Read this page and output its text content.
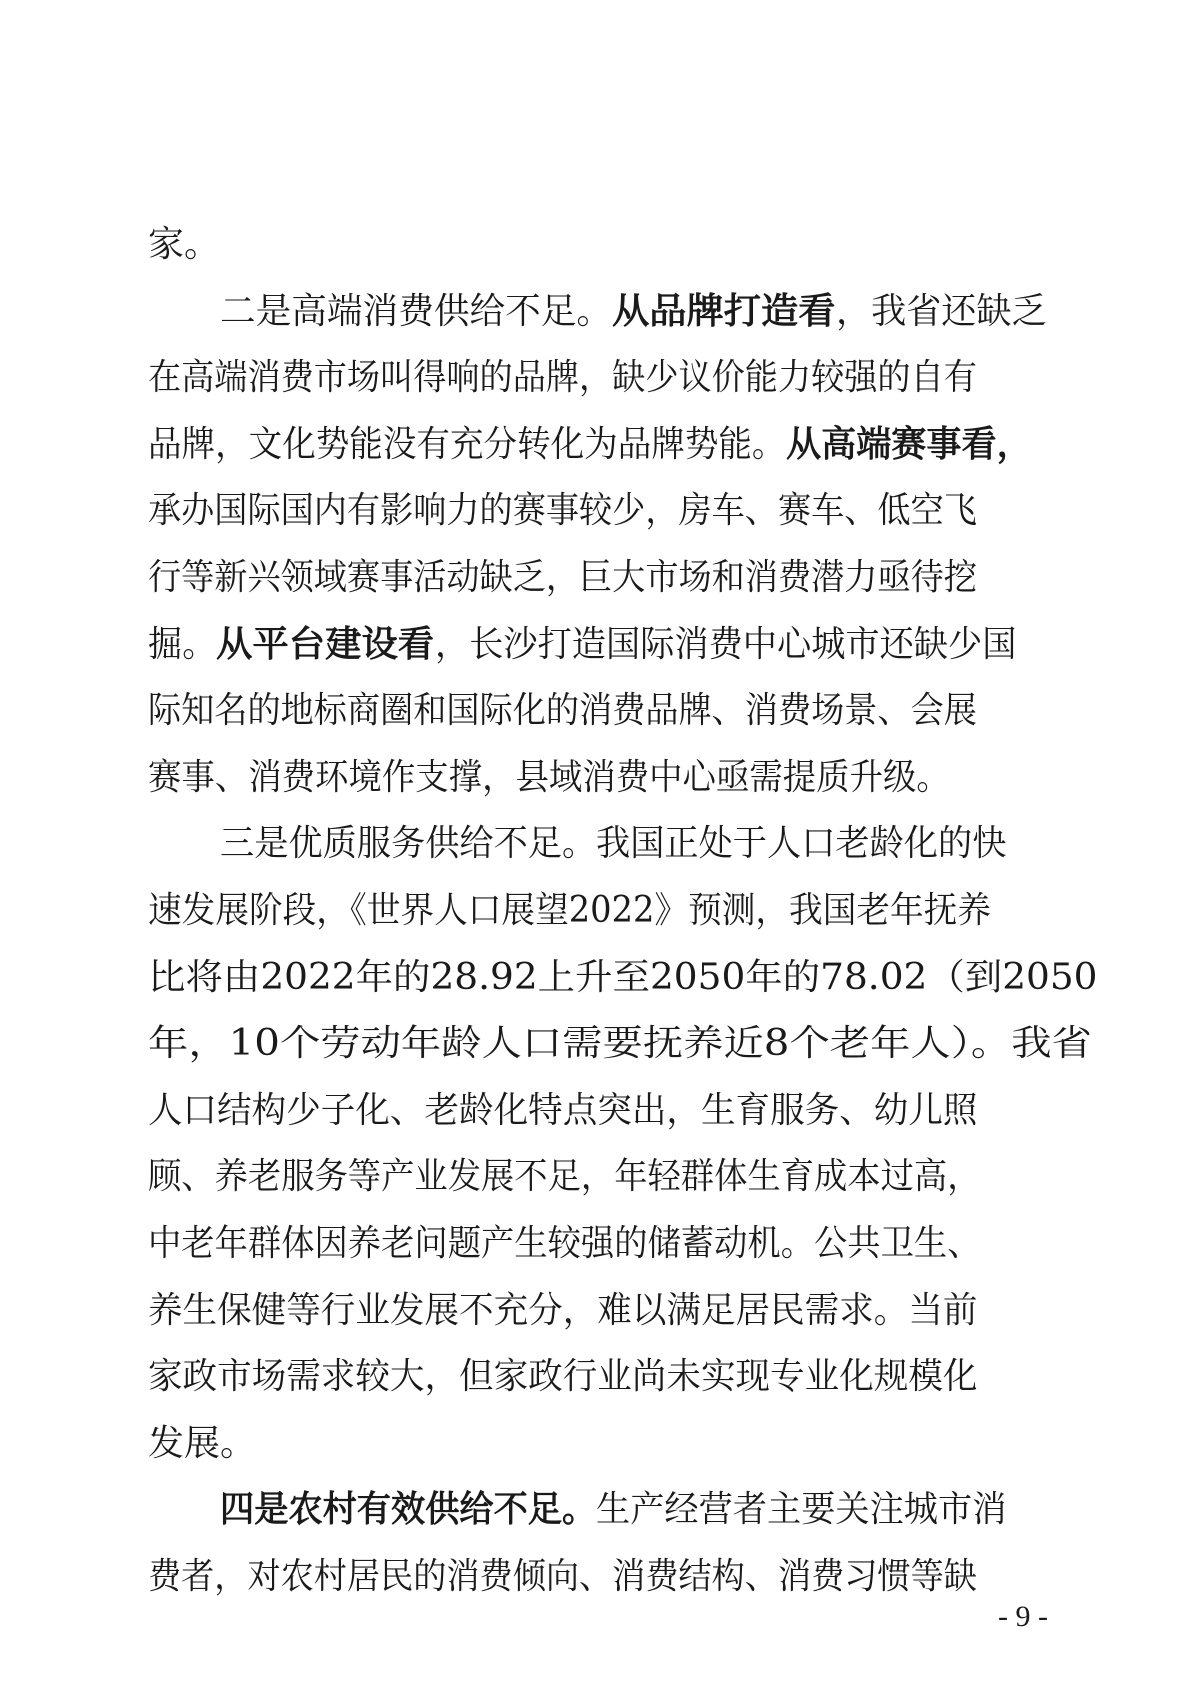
家。
二是高端消费供给不足。从品牌打造看，我省还缺乏
在高端消费市场叫得响的品牌，缺少议价能力较强的自有
品牌，文化势能没有充分转化为品牌势能。从高端赛事看，
承办国际国内有影响力的赛事较少，房车、赛车、低空飞
行等新兴领域赛事活动缺乏，巨大市场和消费潜力亟待挖
掘。从平台建设看，长沙打造国际消费中心城市还缺少国
际知名的地标商圈和国际化的消费品牌、消费场景、会展
赛事、消费环境作支撑，县域消费中心亟需提质升级。
三是优质服务供给不足。我国正处于人口老龄化的快
速发展阶段，《世界人口展望2022》预测，我国老年抚养
比将由2022年的28.92上升至2050年的78.02（到2050
年，10个劳动年龄人口需要抚养近8个老年人）。我省
人口结构少子化、老龄化特点突出，生育服务、幼儿照
顾、养老服务等产业发展不足，年轻群体生育成本过高，
中老年群体因养老问题产生较强的储蓄动机。公共卫生、
养生保健等行业发展不充分，难以满足居民需求。当前
家政市场需求较大，但家政行业尚未实现专业化规模化
发展。
四是农村有效供给不足。生产经营者主要关注城市消
费者，对农村居民的消费倾向、消费结构、消费习惯等缺
- 9 -
